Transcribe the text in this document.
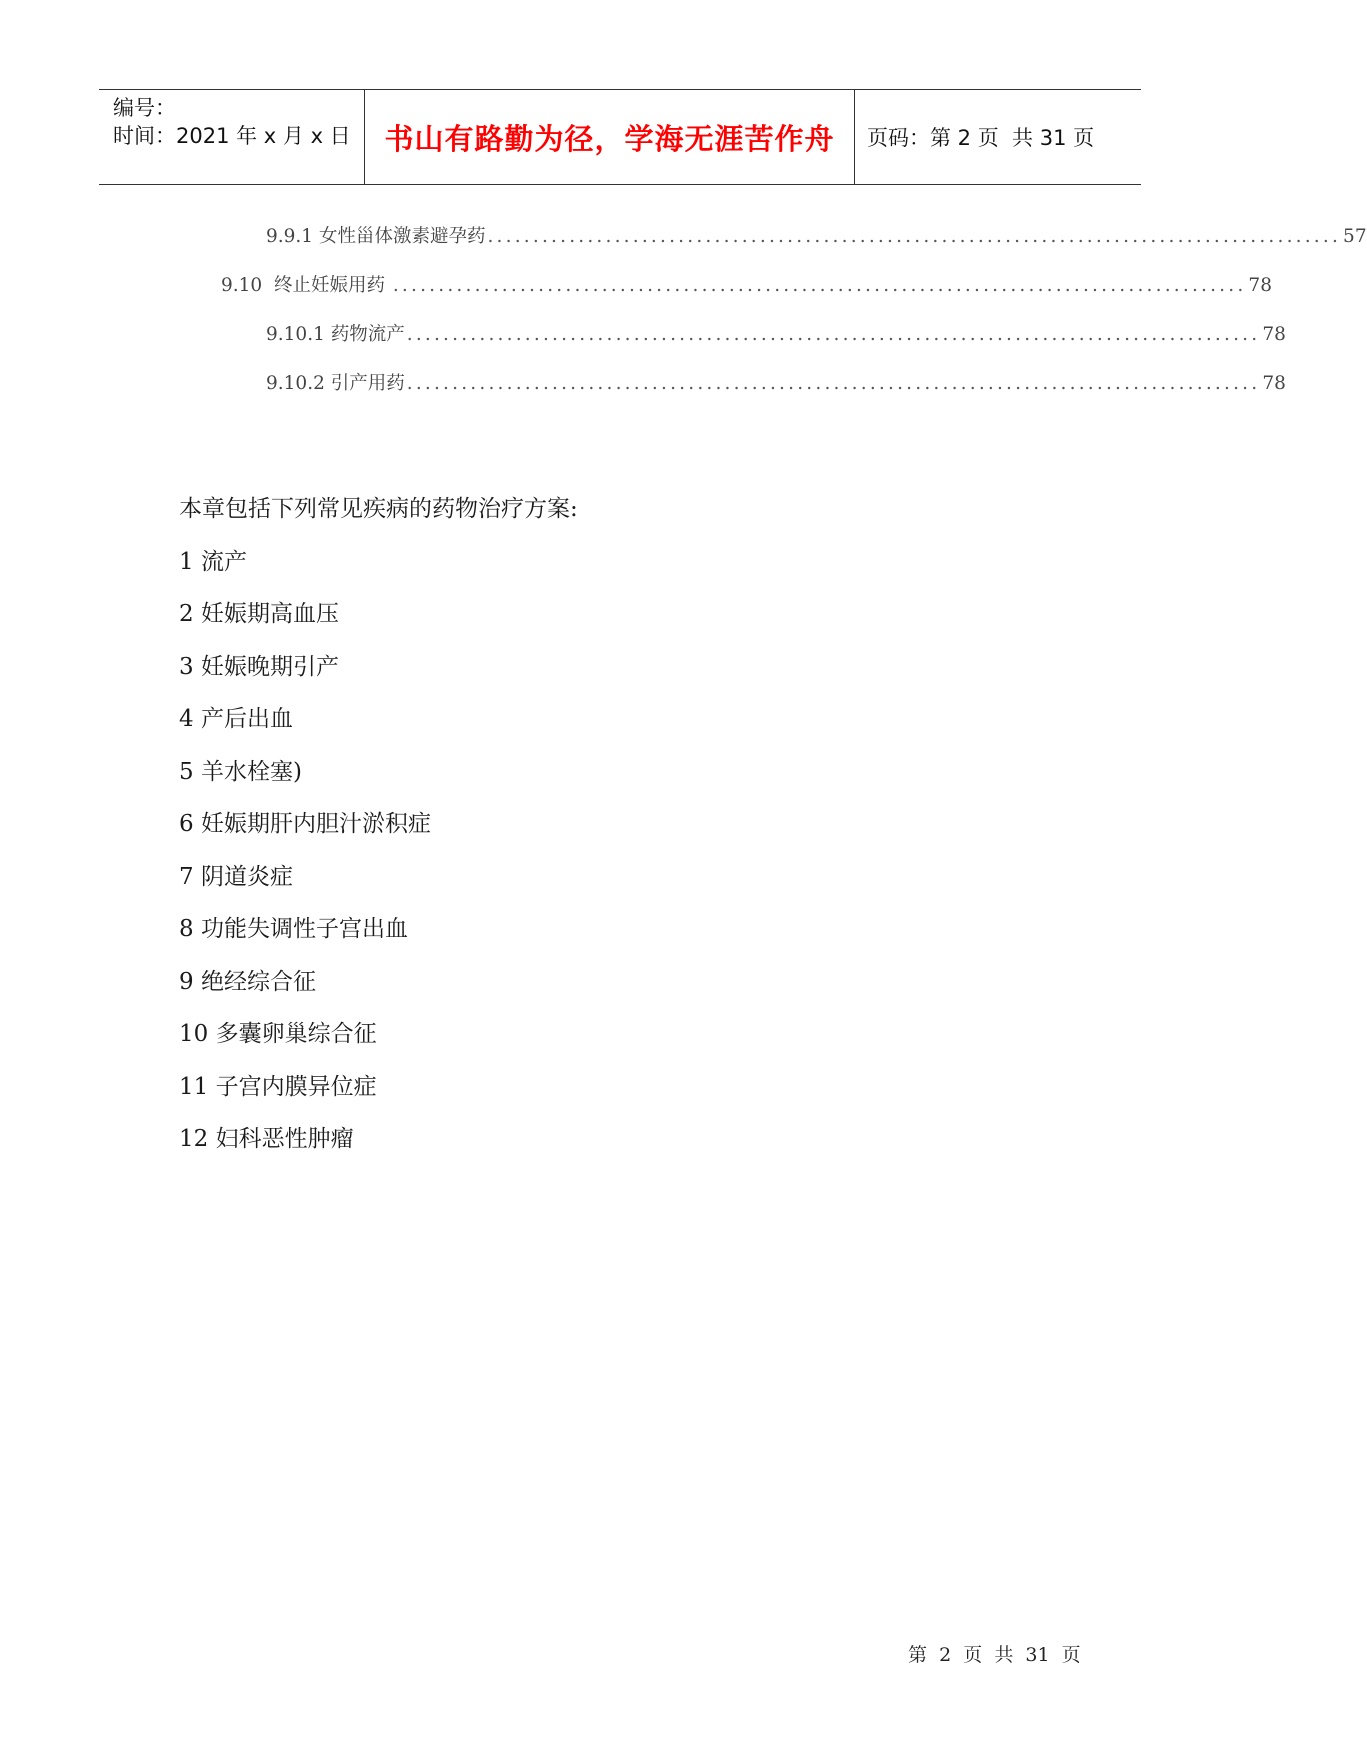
编号：
时间：2021 年 x 月 x 日	书山有路勤为径，学海无涯苦作舟	页码：第 2 页  共 31 页
9.9.1 女性甾体激素避孕药 .............................................................................................. 57
9.10  终止妊娠用药 .............................................................................................. 78
9.10.1 药物流产 .............................................................................................. 78
9.10.2 引产用药 .............................................................................................. 78
本章包括下列常见疾病的药物治疗方案:
1 流产
2 妊娠期高血压
3 妊娠晚期引产
4 产后出血
5 羊水栓塞)
6 妊娠期肝内胆汁淤积症
7 阴道炎症
8 功能失调性子宫出血
9 绝经综合征
10 多囊卵巢综合征
11 子宫内膜异位症
12 妇科恶性肿瘤
第  2  页  共  31  页
